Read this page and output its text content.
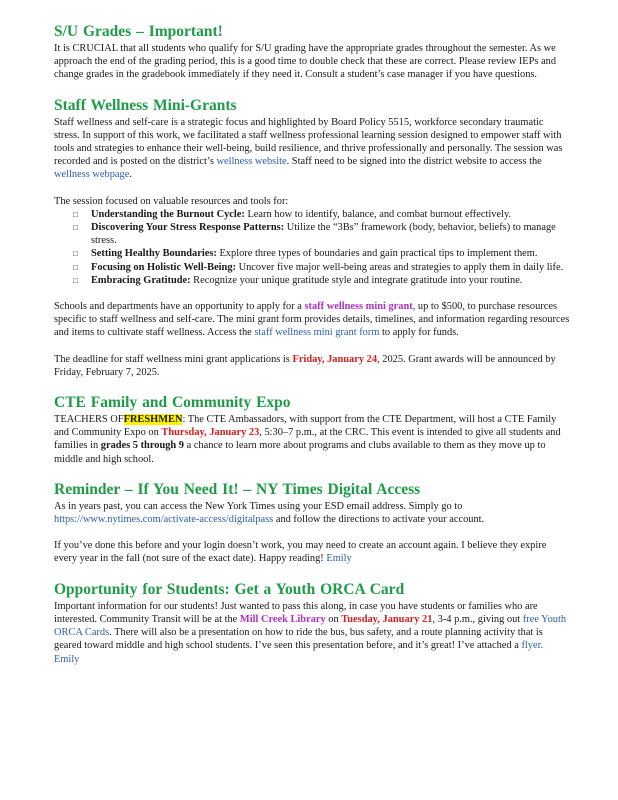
S/U Grades – Important!

It is CRUCIAL that all students who qualify for S/U grading have the appropriate grades throughout the semester. As we approach the end of the grading period, this is a good time to double check that these are correct. Please review IEPs and change grades in the gradebook immediately if they need it. Consult a student’s case manager if you have questions.

Staff Wellness Mini-Grants

Staff wellness and self-care is a strategic focus and highlighted by Board Policy 5515, workforce secondary traumatic stress. In support of this work, we facilitated a staff wellness professional learning session designed to empower staff with tools and strategies to enhance their well-being, build resilience, and thrive professionally and personally. The session was recorded and is posted on the district’s wellness website. Staff need to be signed into the district website to access the wellness webpage.

The session focused on valuable resources and tools for:

□ Understanding the Burnout Cycle: Learn how to identify, balance, and combat burnout effectively.
□ Discovering Your Stress Response Patterns: Utilize the “3Bs” framework (body, behavior, beliefs) to manage stress.
□ Setting Healthy Boundaries: Explore three types of boundaries and gain practical tips to implement them.
□ Focusing on Holistic Well-Being: Uncover five major well-being areas and strategies to apply them in daily life.
□ Embracing Gratitude: Recognize your unique gratitude style and integrate gratitude into your routine.

Schools and departments have an opportunity to apply for a staff wellness mini grant, up to $500, to purchase resources specific to staff wellness and self-care. The mini grant form provides details, timelines, and information regarding resources and items to cultivate staff wellness. Access the staff wellness mini grant form to apply for funds.

The deadline for staff wellness mini grant applications is Friday, January 24, 2025. Grant awards will be announced by Friday, February 7, 2025.

CTE Family and Community Expo

TEACHERS OFFRESHMEN: The CTE Ambassadors, with support from the CTE Department, will host a CTE Family and Community Expo on Thursday, January 23, 5:30–7 p.m., at the CRC. This event is intended to give all students and families in grades 5 through 9 a chance to learn more about programs and clubs available to them as they move up to middle and high school.

Reminder – If You Need It! – NY Times Digital Access

As in years past, you can access the New York Times using your ESD email address. Simply go to https://www.nytimes.com/activate-access/digitalpass and follow the directions to activate your account.

If you’ve done this before and your login doesn’t work, you may need to create an account again. I believe they expire every year in the fall (not sure of the exact date). Happy reading! Emily

Opportunity for Students: Get a Youth ORCA Card

Important information for our students! Just wanted to pass this along, in case you have students or families who are interested. Community Transit will be at the Mill Creek Library on Tuesday, January 21, 3-4 p.m., giving out free Youth ORCA Cards. There will also be a presentation on how to ride the bus, bus safety, and a route planning activity that is geared toward middle and high school students. I’ve seen this presentation before, and it’s great! I’ve attached a flyer. Emily
